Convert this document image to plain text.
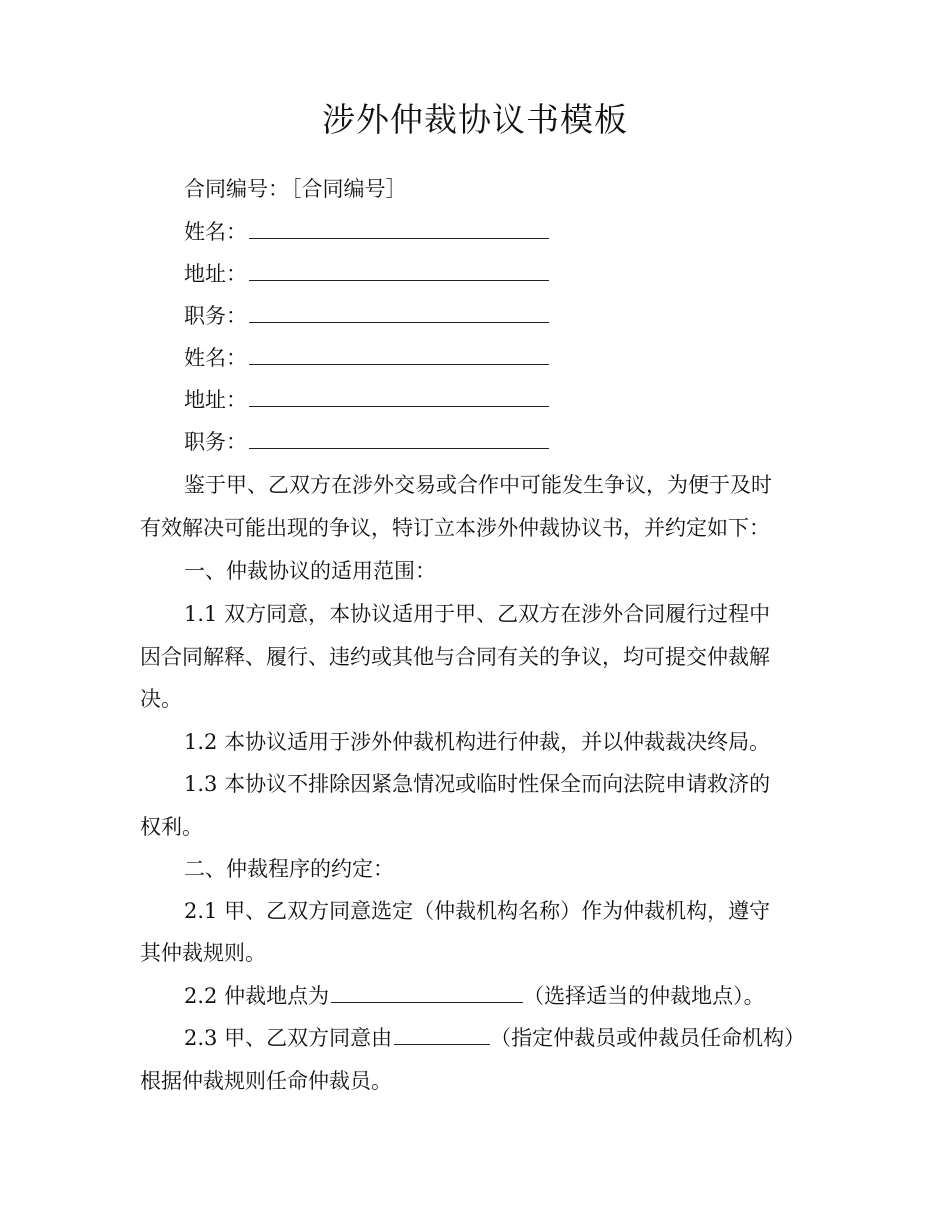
涉外仲裁协议书模板
合同编号：［合同编号］
姓名：
地址：
职务：
姓名：
地址：
职务：
鉴于甲、乙双方在涉外交易或合作中可能发生争议，为便于及时
有效解决可能出现的争议，特订立本涉外仲裁协议书，并约定如下：
一、仲裁协议的适用范围：
1.1 双方同意，本协议适用于甲、乙双方在涉外合同履行过程中
因合同解释、履行、违约或其他与合同有关的争议，均可提交仲裁解
决。
1.2 本协议适用于涉外仲裁机构进行仲裁，并以仲裁裁决终局。
1.3 本协议不排除因紧急情况或临时性保全而向法院申请救济的
权利。
二、仲裁程序的约定：
2.1 甲、乙双方同意选定（仲裁机构名称）作为仲裁机构，遵守
其仲裁规则。
2.2 仲裁地点为	（选择适当的仲裁地点）。
2.3 甲、乙双方同意由	（指定仲裁员或仲裁员任命机构）
根据仲裁规则任命仲裁员。
